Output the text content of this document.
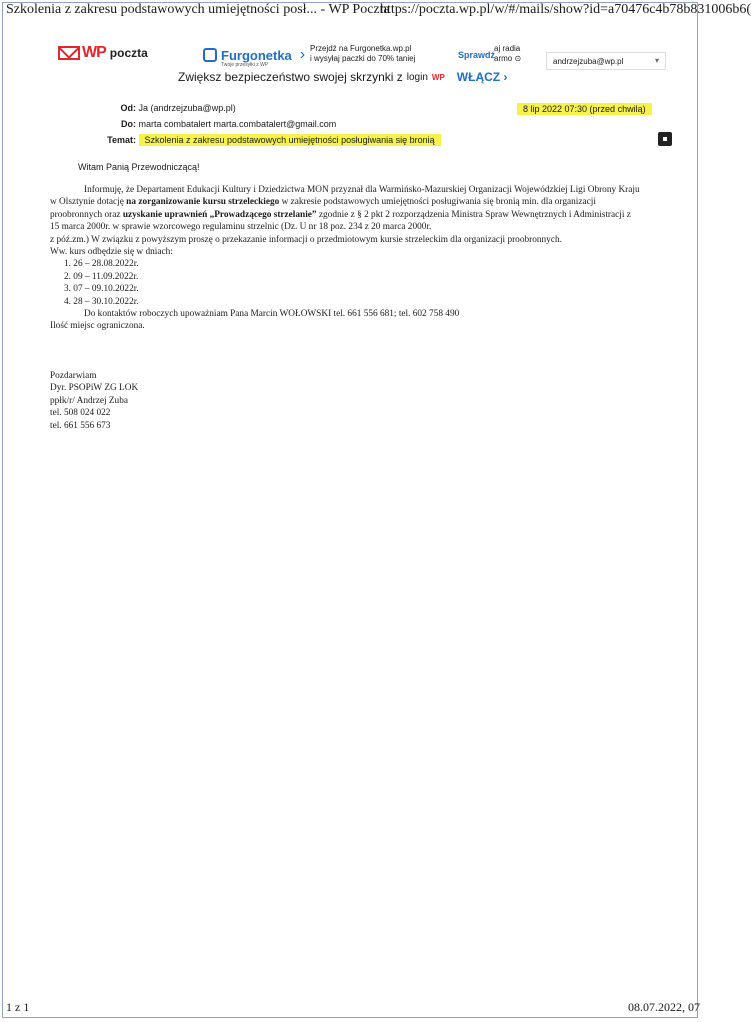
Szkolenia z zakresu podstawowych umiejętności posł... - WP Poczta
https://poczta.wp.pl/w/#/mails/show?id=a70476c4b78b831006b6(
WP poczta	Furgonetka
Twoje przesyłki z WP
› Przejdź na Furgonetka.wp.pl
i wysyłaj paczki do 70% taniej	Sprawdź
aj radia
armo ⊙	andrzejzuba@wp.pl	▾
Zwiększ bezpieczeństwo swojej skrzynki z login WP WŁĄCZ ›
Od: Ja (andrzejzuba@wp.pl)
Do: marta combatalert marta.combatalert@gmail.com
Temat: Szkolenia z zakresu podstawowych umiejętności posługiwania się bronią
8 lip 2022 07:30 (przed chwilą)
Witam Panią Przewodniczącą!

Informuję, że Departament Edukacji Kultury i Dziedzictwa MON przyznał dla Warmińsko-Mazurskiej Organizacji Wojewódzkiej Ligi Obrony Kraju w Olsztynie dotację na zorganizowanie kursu strzeleckiego w zakresie podstawowych umiejętności posługiwania się bronią min. dla organizacji proobronnych oraz uzyskanie uprawnień „Prowadzącego strzelanie” zgodnie z § 2 pkt 2 rozporządzenia Ministra Spraw Wewnętrznych i Administracji z 15 marca 2000r. w sprawie wzorcowego regulaminu strzelnic (Dz. U nr 18 poz. 234 z 20 marca 2000r.

z póź.zm.) W związku z powyższym proszę o przekazanie informacji o przedmiotowym kursie strzeleckim dla organizacji proobronnych.

Ww. kurs odbędzie się w dniach:

1. 26 – 28.08.2022r.
2. 09 – 11.09.2022r.
3. 07 – 09.10.2022r.
4. 28 – 30.10.2022r.

Do kontaktów roboczych upoważniam Pana Marcin WOŁOWSKI tel. 661 556 681; tel. 602 758 490

Ilość miejsc ograniczona.

Pozdarwiam
Dyr. PSOPiW ZG LOK
ppłk/r/ Andrzej Zuba
tel. 508 024 022
tel. 661 556 673
1 z 1	08.07.2022, 07
